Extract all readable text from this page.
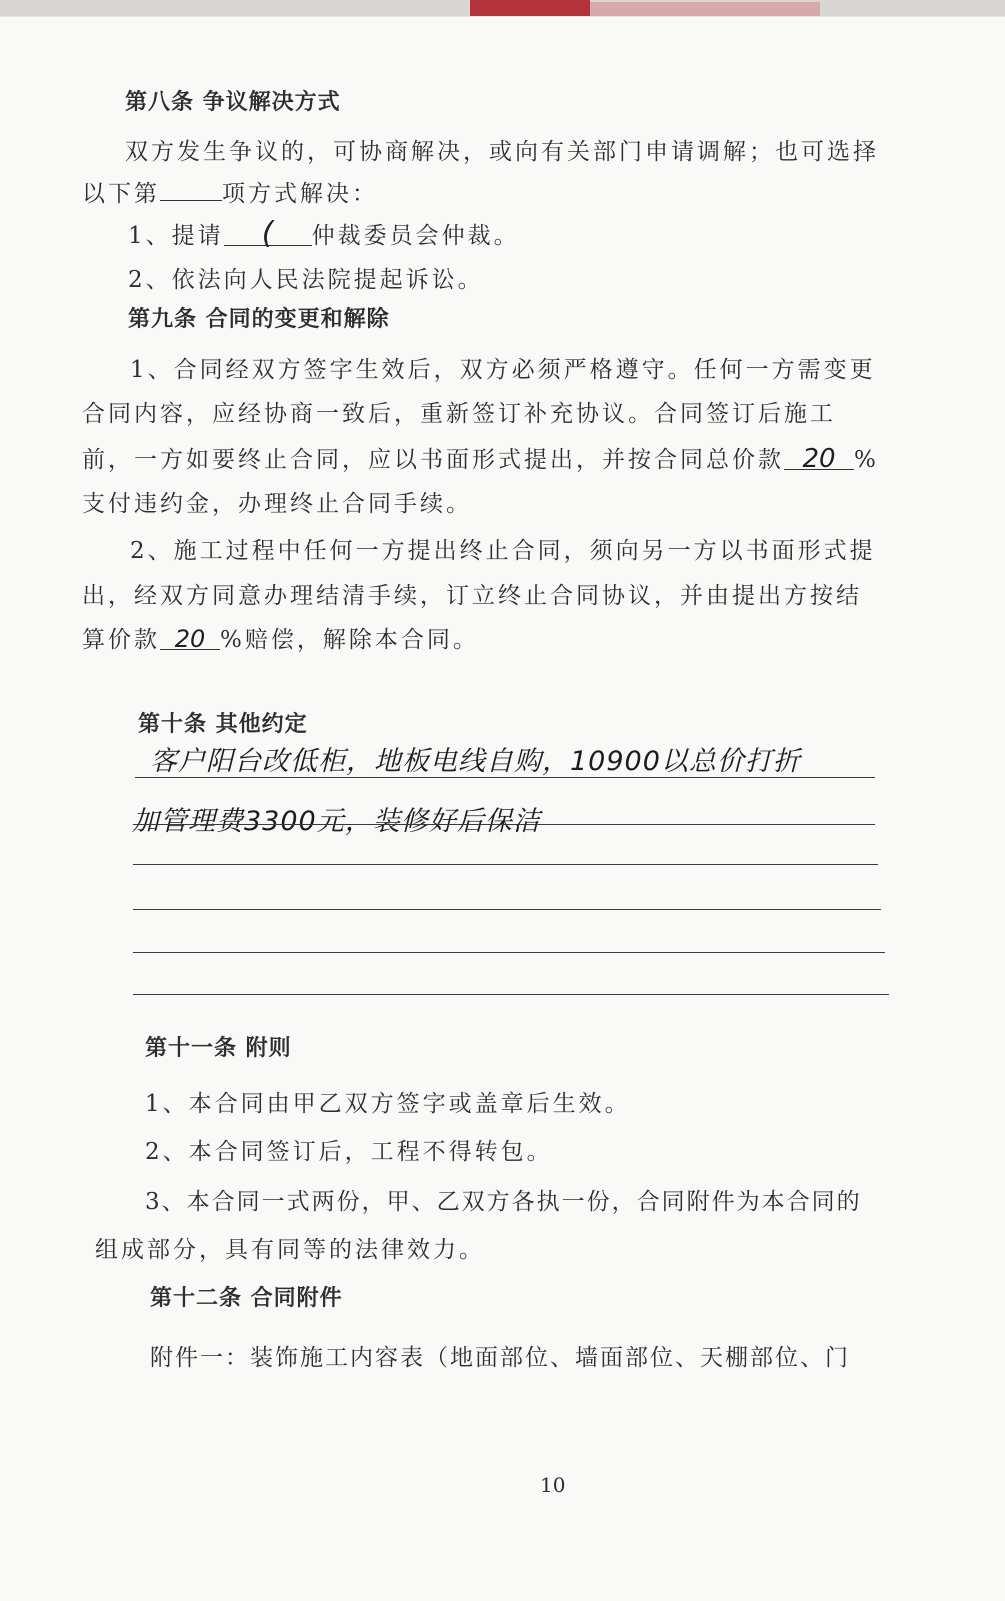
第八条 争议解决方式
双方发生争议的，可协商解决，或向有关部门申请调解；也可选择
以下第	项方式解决：
1、提请 ( 仲裁委员会仲裁。
2、依法向人民法院提起诉讼。
第九条 合同的变更和解除
1、合同经双方签字生效后，双方必须严格遵守。任何一方需变更
合同内容，应经协商一致后，重新签订补充协议。合同签订后施工
前，一方如要终止合同，应以书面形式提出，并按合同总价款 20 %
支付违约金，办理终止合同手续。
2、施工过程中任何一方提出终止合同，须向另一方以书面形式提
出，经双方同意办理结清手续，订立终止合同协议，并由提出方按结
算价款 20 %赔偿，解除本合同。
第十条 其他约定
客户阳台改低柜，地板电线自购，10900以总价打折
加管理费3300元，装修好后保洁
第十一条 附则
1、本合同由甲乙双方签字或盖章后生效。
2、本合同签订后，工程不得转包。
3、本合同一式两份，甲、乙双方各执一份，合同附件为本合同的
组成部分，具有同等的法律效力。
第十二条 合同附件
附件一：装饰施工内容表（地面部位、墙面部位、天棚部位、门
10
